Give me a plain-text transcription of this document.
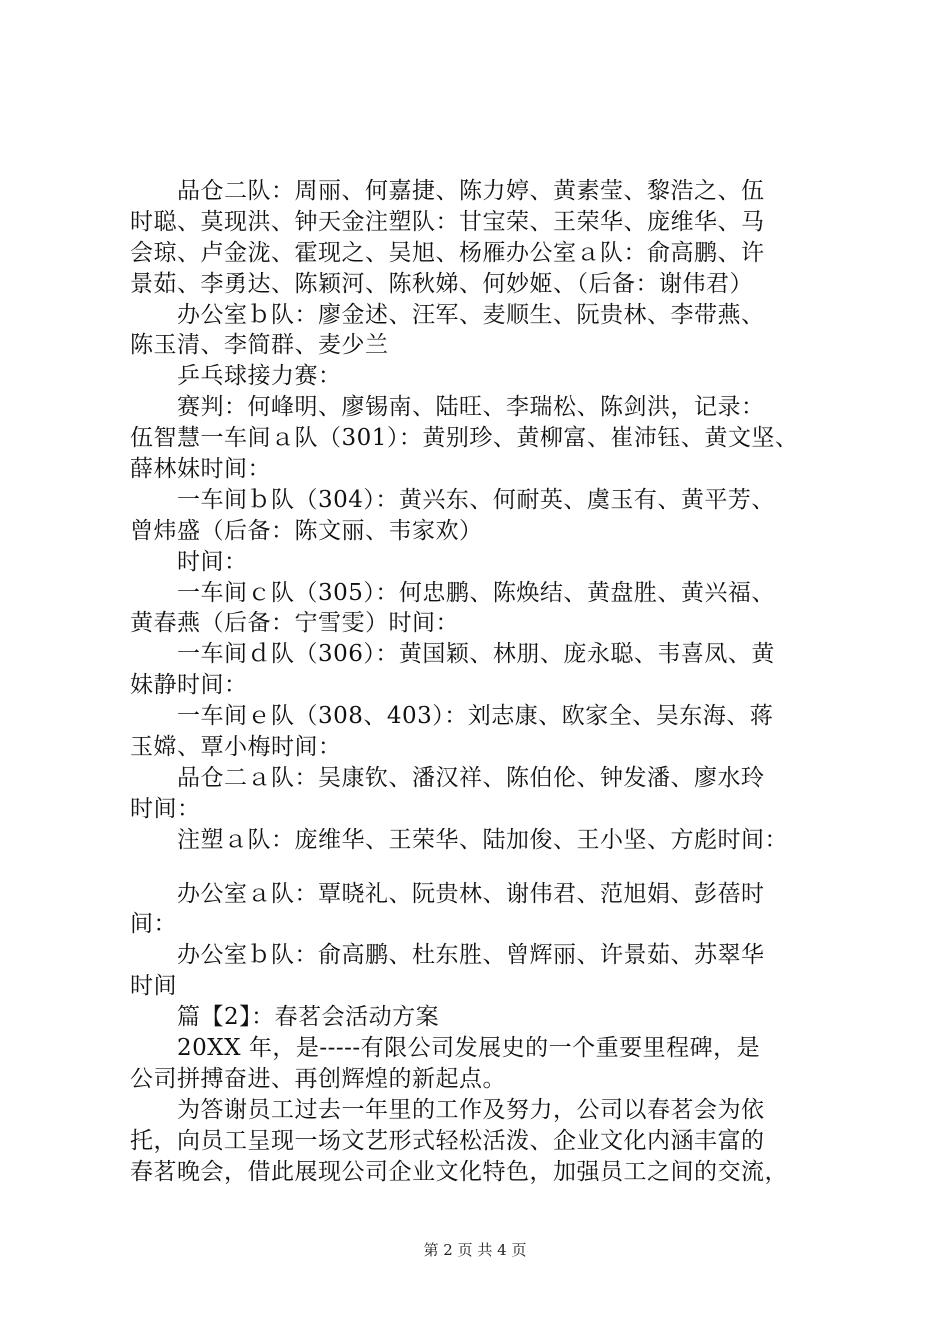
　　品仓二队：周丽、何嘉捷、陈力婷、黄素莹、黎浩之、伍
时聪、莫现洪、钟天金注塑队：甘宝荣、王荣华、庞维华、马
会琼、卢金泷、霍现之、吴旭、杨雁办公室ａ队：俞高鹏、许
景茹、李勇达、陈颖河、陈秋娣、何妙姬、（后备：谢伟君）
　　办公室ｂ队：廖金述、汪军、麦顺生、阮贵林、李带燕、
陈玉清、李简群、麦少兰
　　乒乓球接力赛：
　　赛判：何峰明、廖锡南、陆旺、李瑞松、陈剑洪，记录：
伍智慧一车间ａ队（301）：黄别珍、黄柳富、崔沛钰、黄文坚、
薛林妹时间：
　　一车间ｂ队（304）：黄兴东、何耐英、虞玉有、黄平芳、
曾炜盛（后备：陈文丽、韦家欢）
　　时间：
　　一车间ｃ队（305）：何忠鹏、陈焕结、黄盘胜、黄兴福、
黄春燕（后备：宁雪雯）时间：
　　一车间ｄ队（306）：黄国颖、林朋、庞永聪、韦喜凤、黄
妹静时间：
　　一车间ｅ队（308、403）：刘志康、欧家全、吴东海、蒋
玉嫦、覃小梅时间：
　　品仓二ａ队：吴康钦、潘汉祥、陈伯伦、钟发潘、廖水玲
时间：
　　注塑ａ队：庞维华、王荣华、陆加俊、王小坚、方彪时间：
　　办公室ａ队：覃晓礼、阮贵林、谢伟君、范旭娟、彭蓓时
间：
　　办公室ｂ队：俞高鹏、杜东胜、曾辉丽、许景茹、苏翠华
时间
　　篇【2】：春茗会活动方案
　　20XX 年，是-----有限公司发展史的一个重要里程碑，是
公司拼搏奋进、再创辉煌的新起点。
　　为答谢员工过去一年里的工作及努力，公司以春茗会为依
托，向员工呈现一场文艺形式轻松活泼、企业文化内涵丰富的
春茗晚会，借此展现公司企业文化特色，加强员工之间的交流，
第 2 页 共 4 页
